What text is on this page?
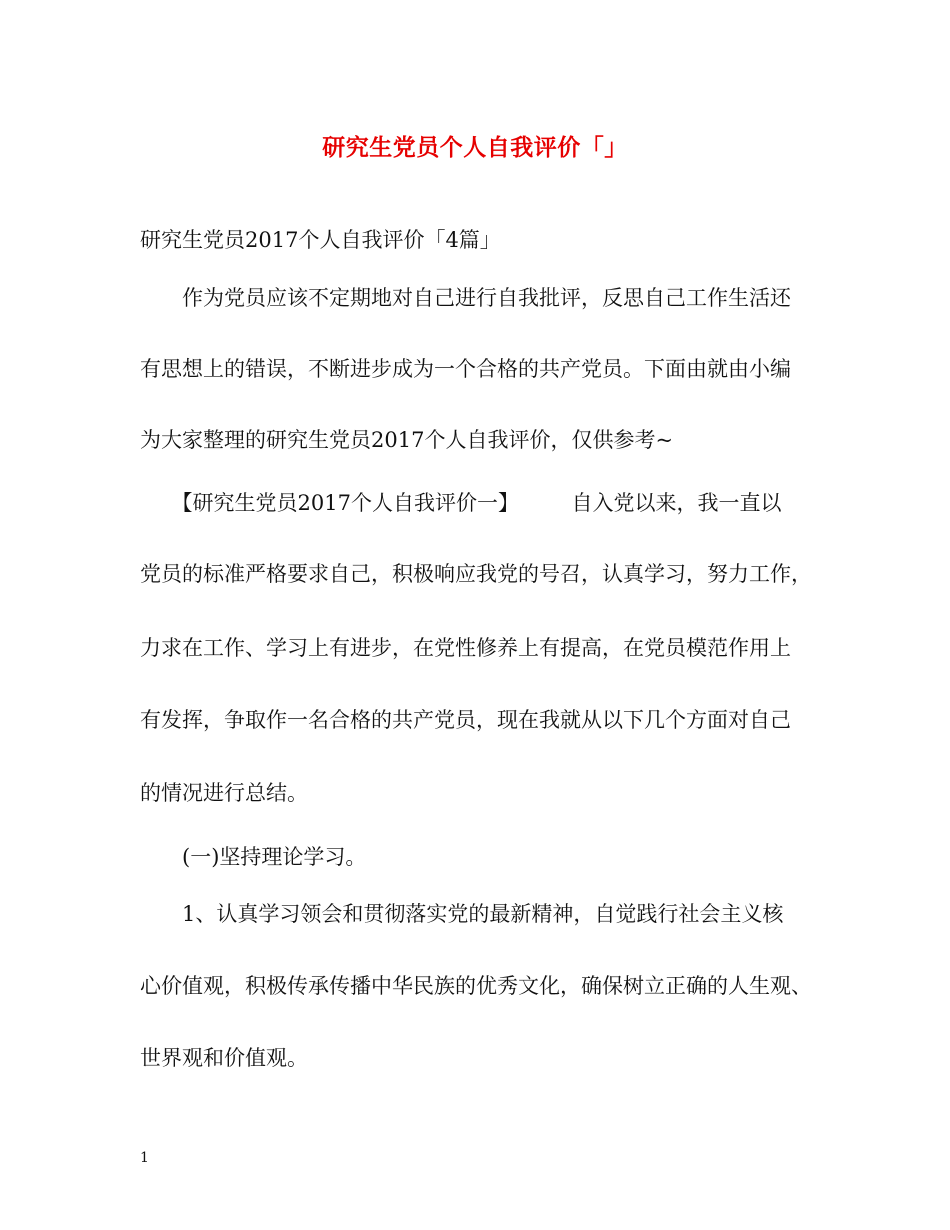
研究生党员个人自我评价「」
研究生党员2017个人自我评价「4篇」
　　作为党员应该不定期地对自己进行自我批评，反思自己工作生活还
有思想上的错误，不断进步成为一个合格的共产党员。下面由就由小编
为大家整理的研究生党员2017个人自我评价，仅供参考~
　　【研究生党员2017个人自我评价一】　　　自入党以来，我一直以
党员的标准严格要求自己，积极响应我党的号召，认真学习，努力工作，
力求在工作、学习上有进步，在党性修养上有提高，在党员模范作用上
有发挥，争取作一名合格的共产党员，现在我就从以下几个方面对自己
的情况进行总结。
　　(一)坚持理论学习。
　　1、认真学习领会和贯彻落实党的最新精神，自觉践行社会主义核
心价值观，积极传承传播中华民族的优秀文化，确保树立正确的人生观、
世界观和价值观。
1
